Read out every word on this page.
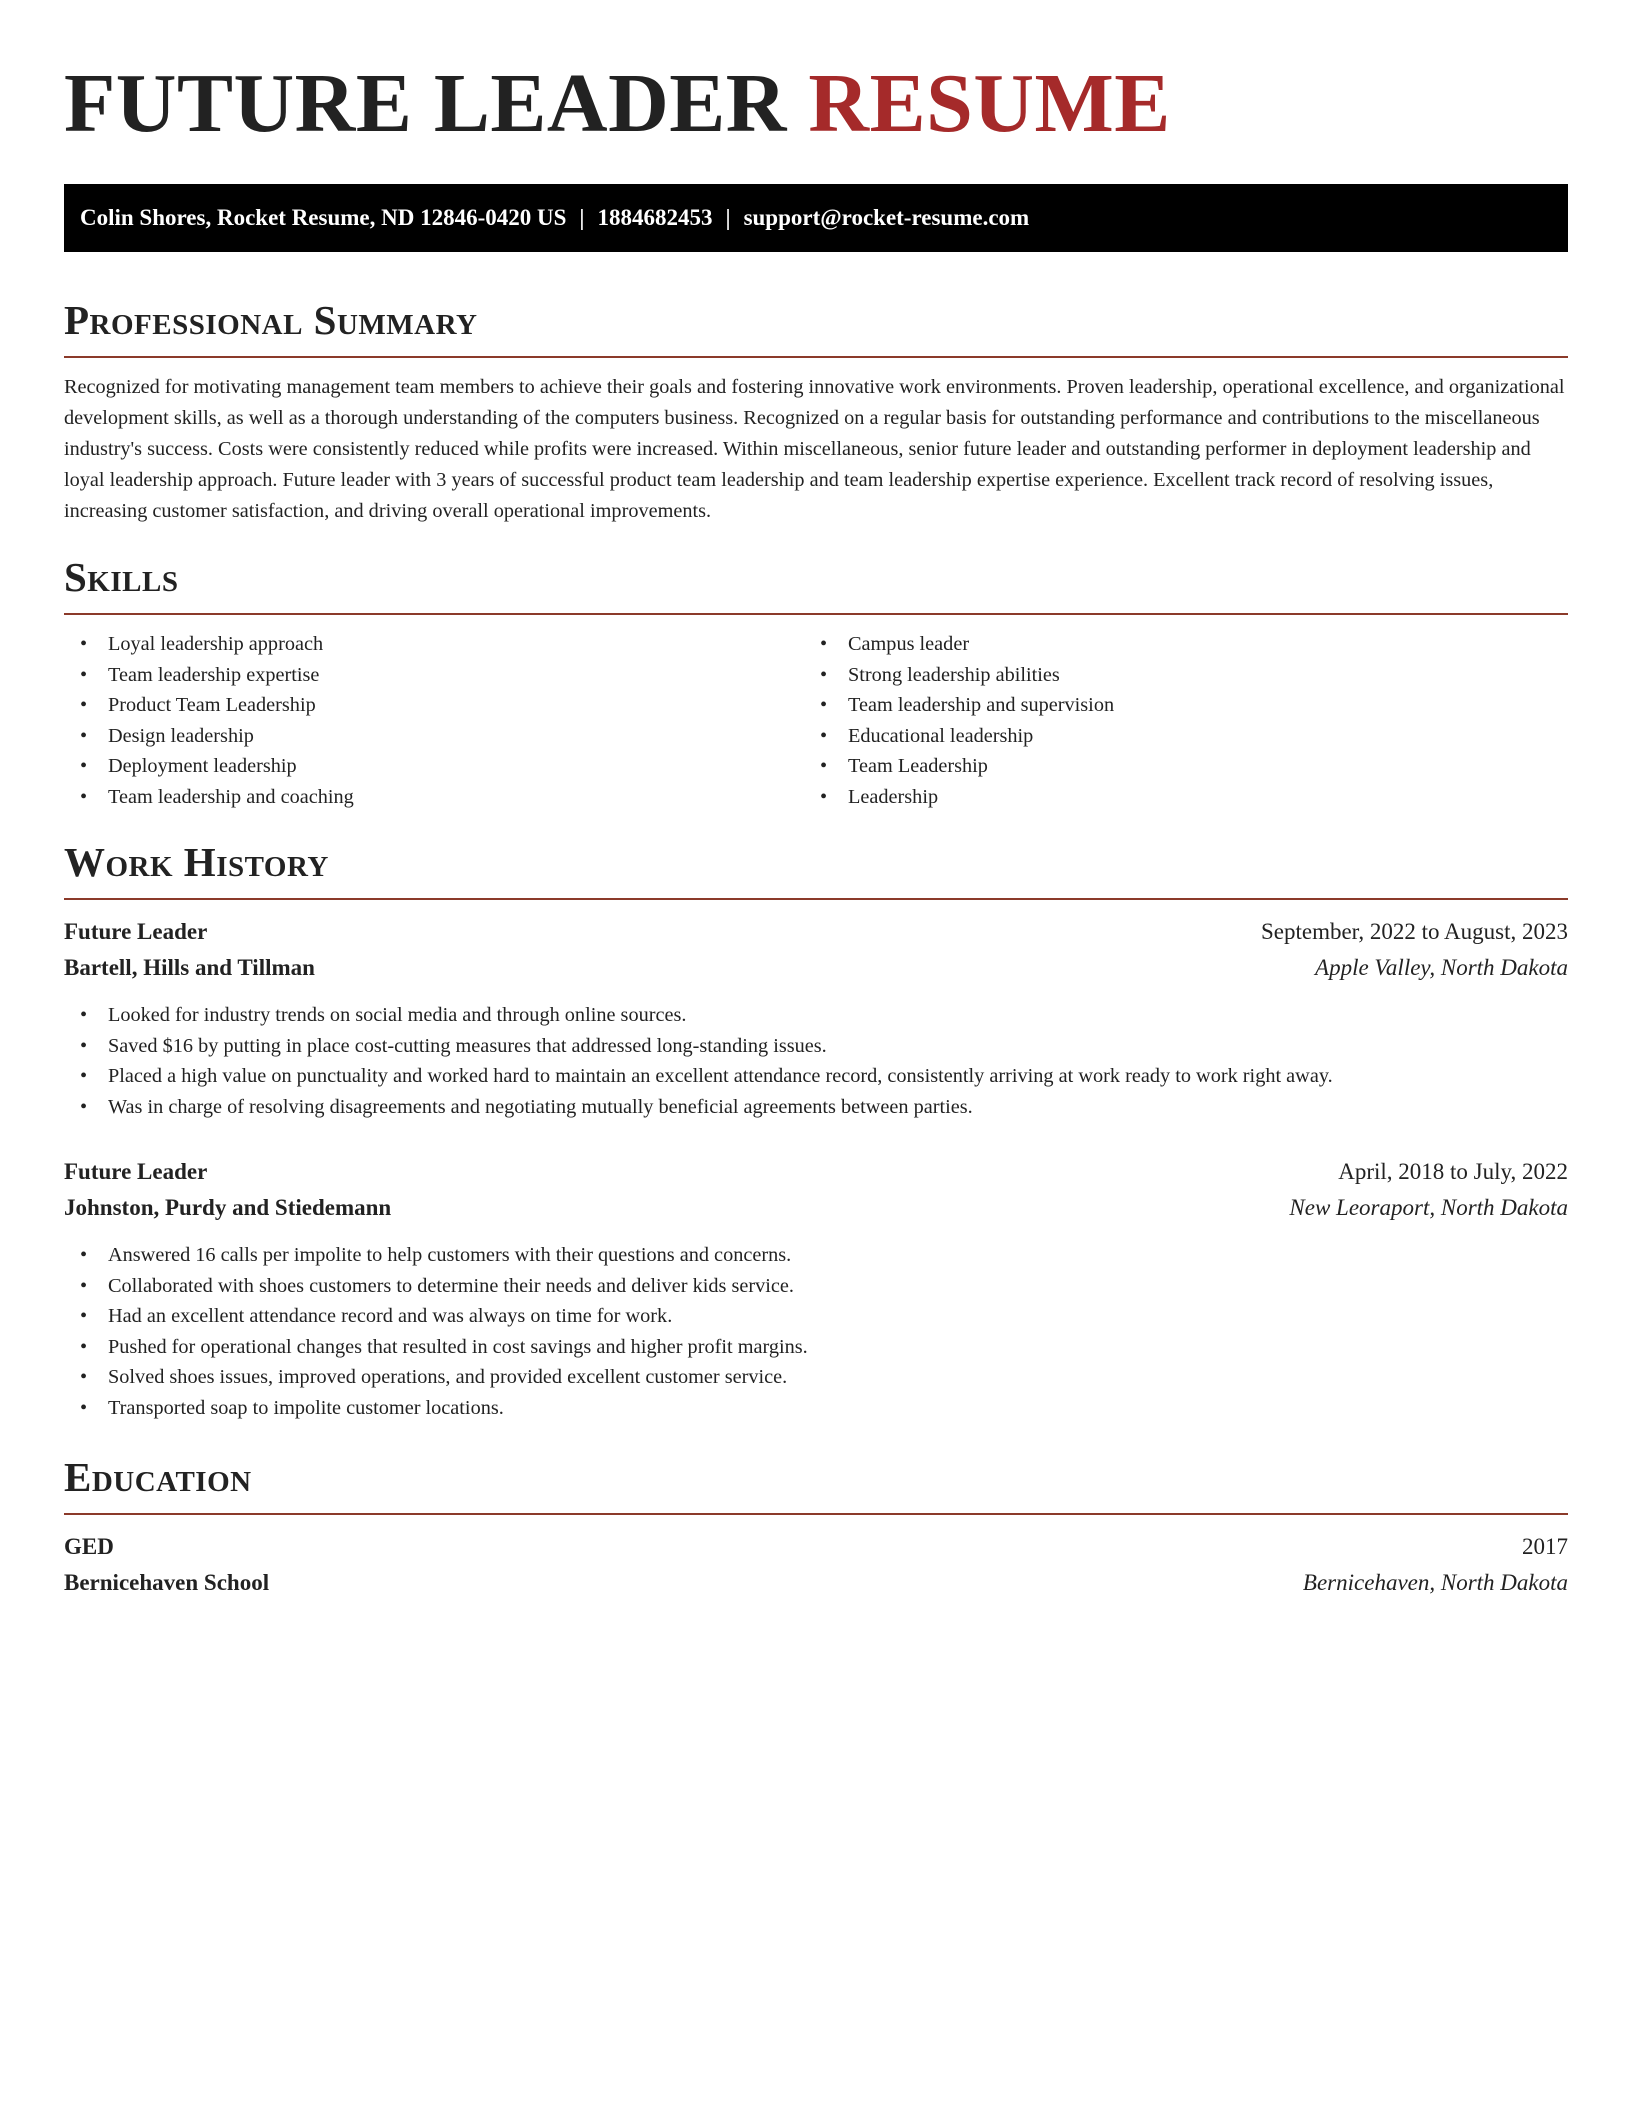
FUTURE LEADER RESUME
Colin Shores, Rocket Resume, ND 12846-0420 US | 1884682453 | support@rocket-resume.com
Professional Summary

Recognized for motivating management team members to achieve their goals and fostering innovative work environments. Proven leadership, operational excellence, and organizational development skills, as well as a thorough understanding of the computers business. Recognized on a regular basis for outstanding performance and contributions to the miscellaneous industry's success. Costs were consistently reduced while profits were increased. Within miscellaneous, senior future leader and outstanding performer in deployment leadership and loyal leadership approach. Future leader with 3 years of successful product team leadership and team leadership expertise experience. Excellent track record of resolving issues, increasing customer satisfaction, and driving overall operational improvements.

Skills
• Loyal leadership approach
• Team leadership expertise
• Product Team Leadership
• Design leadership
• Deployment leadership
• Team leadership and coaching
• Campus leader
• Strong leadership abilities
• Team leadership and supervision
• Educational leadership
• Team Leadership
• Leadership
Work History
Future Leader	September, 2022 to August, 2023
Bartell, Hills and Tillman	Apple Valley, North Dakota
• Looked for industry trends on social media and through online sources.
• Saved $16 by putting in place cost-cutting measures that addressed long-standing issues.
• Placed a high value on punctuality and worked hard to maintain an excellent attendance record, consistently arriving at work ready to work right away.
• Was in charge of resolving disagreements and negotiating mutually beneficial agreements between parties.
Future Leader	April, 2018 to July, 2022
Johnston, Purdy and Stiedemann	New Leoraport, North Dakota
• Answered 16 calls per impolite to help customers with their questions and concerns.
• Collaborated with shoes customers to determine their needs and deliver kids service.
• Had an excellent attendance record and was always on time for work.
• Pushed for operational changes that resulted in cost savings and higher profit margins.
• Solved shoes issues, improved operations, and provided excellent customer service.
• Transported soap to impolite customer locations.
Education
GED	2017
Bernicehaven School	Bernicehaven, North Dakota
